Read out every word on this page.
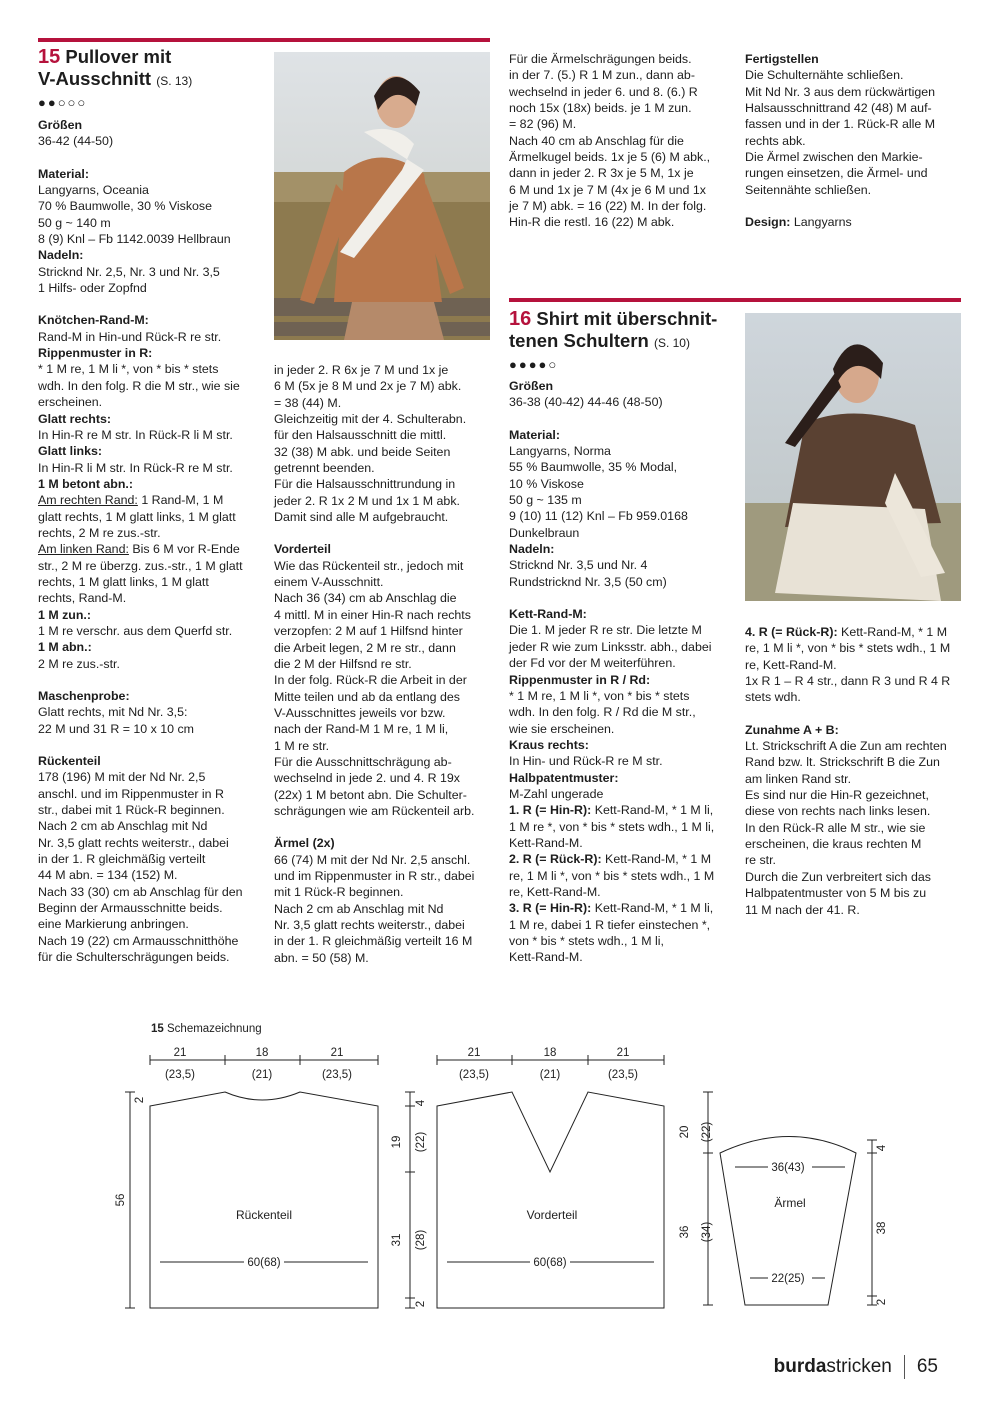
15 Pullover mit
V-Ausschnitt (S. 13)
●●○○○

Größen

36-42 (44-50)

Material:

Langyarns, Oceania

70 % Baumwolle, 30 % Viskose

50 g ~ 140 m

8 (9) Knl – Fb 1142.0039 Hellbraun

Nadeln:

Stricknd Nr. 2,5, Nr. 3 und Nr. 3,5

1 Hilfs- oder Zopfnd

Knötchen-Rand-M:

Rand-M in Hin-und Rück-R re str.

Rippenmuster in R:

* 1 M re, 1 M li *, von * bis * stets

wdh. In den folg. R die M str., wie sie

erscheinen.

Glatt rechts:

In Hin-R re M str. In Rück-R li M str.

Glatt links:

In Hin-R li M str. In Rück-R re M str.

1 M betont abn.:

Am rechten Rand: 1 Rand-M, 1 M

glatt rechts, 1 M glatt links, 1 M glatt

rechts, 2 M re zus.-str.

Am linken Rand: Bis 6 M vor R-Ende

str., 2 M re überzg. zus.-str., 1 M glatt

rechts, 1 M glatt links, 1 M glatt

rechts, Rand-M.

1 M zun.:

1 M re verschr. aus dem Querfd str.

1 M abn.:

2 M re zus.-str.

Maschenprobe:

Glatt rechts, mit Nd Nr. 3,5:

22 M und 31 R = 10 x 10 cm

Rückenteil

178 (196) M mit der Nd Nr. 2,5

anschl. und im Rippenmuster in R

str., dabei mit 1 Rück-R beginnen.

Nach 2 cm ab Anschlag mit Nd

Nr. 3,5 glatt rechts weiterstr., dabei

in der 1. R gleichmäßig verteilt

44 M abn. = 134 (152) M.

Nach 33 (30) cm ab Anschlag für den

Beginn der Armausschnitte beids.

eine Markierung anbringen.

Nach 19 (22) cm Armausschnitthöhe

für die Schulterschrägungen beids.

in jeder 2. R 6x je 7 M und 1x je

6 M (5x je 8 M und 2x je 7 M) abk.

= 38 (44) M.

Gleichzeitig mit der 4. Schulterabn.

für den Halsausschnitt die mittl.

32 (38) M abk. und beide Seiten

getrennt beenden.

Für die Halsausschnittrundung in

jeder 2. R 1x 2 M und 1x 1 M abk.

Damit sind alle M aufgebraucht.

Vorderteil

Wie das Rückenteil str., jedoch mit

einem V-Ausschnitt.

Nach 36 (34) cm ab Anschlag die

4 mittl. M in einer Hin-R nach rechts

verzopfen: 2 M auf 1 Hilfsnd hinter

die Arbeit legen, 2 M re str., dann

die 2 M der Hilfsnd re str.

In der folg. Rück-R die Arbeit in der

Mitte teilen und ab da entlang des

V-Ausschnittes jeweils vor bzw.

nach der Rand-M 1 M re, 1 M li,

1 M re str.

Für die Ausschnittschrägung ab-

wechselnd in jede 2. und 4. R 19x

(22x) 1 M betont abn. Die Schulter-

schrägungen wie am Rückenteil arb.

Ärmel (2x)

66 (74) M mit der Nd Nr. 2,5 anschl.

und im Rippenmuster in R str., dabei

mit 1 Rück-R beginnen.

Nach 2 cm ab Anschlag mit Nd

Nr. 3,5 glatt rechts weiterstr., dabei

in der 1. R gleichmäßig verteilt 16 M

abn. = 50 (58) M.

Für die Ärmelschrägungen beids.

in der 7. (5.) R 1 M zun., dann ab-

wechselnd in jeder 6. und 8. (6.) R

noch 15x (18x) beids. je 1 M zun.

= 82 (96) M.

Nach 40 cm ab Anschlag für die

Ärmelkugel beids. 1x je 5 (6) M abk.,

dann in jeder 2. R 3x je 5 M, 1x je

6 M und 1x je 7 M (4x je 6 M und 1x

je 7 M) abk. = 16 (22) M. In der folg.

Hin-R die restl. 16 (22) M abk.

Fertigstellen

Die Schulternähte schließen.

Mit Nd Nr. 3 aus dem rückwärtigen

Halsausschnittrand 42 (48) M auf-

fassen und in der 1. Rück-R alle M

rechts abk.

Die Ärmel zwischen den Markie-

rungen einsetzen, die Ärmel- und

Seitennähte schließen.

Design: Langyarns

16 Shirt mit überschnit-
tenen Schultern (S. 10)
●●●●○

Größen

36-38 (40-42) 44-46 (48-50)

Material:

Langyarns, Norma

55 % Baumwolle, 35 % Modal,

10 % Viskose

50 g ~ 135 m

9 (10) 11 (12) Knl – Fb 959.0168

Dunkelbraun

Nadeln:

Stricknd Nr. 3,5 und Nr. 4

Rundstricknd Nr. 3,5 (50 cm)

Kett-Rand-M:

Die 1. M jeder R re str. Die letzte M

jeder R wie zum Linksstr. abh., dabei

der Fd vor der M weiterführen.

Rippenmuster in R / Rd:

* 1 M re, 1 M li *, von * bis * stets

wdh. In den folg. R / Rd die M str.,

wie sie erscheinen.

Kraus rechts:

In Hin- und Rück-R re M str.

Halbpatentmuster:

M-Zahl ungerade

1. R (= Hin-R): Kett-Rand-M, * 1 M li,

1 M re *, von * bis * stets wdh., 1 M li,

Kett-Rand-M.

2. R (= Rück-R): Kett-Rand-M, * 1 M

re, 1 M li *, von * bis * stets wdh., 1 M

re, Kett-Rand-M.

3. R (= Hin-R): Kett-Rand-M, * 1 M li,

1 M re, dabei 1 R tiefer einstechen *,

von * bis * stets wdh., 1 M li,

Kett-Rand-M.

4. R (= Rück-R): Kett-Rand-M, * 1 M

re, 1 M li *, von * bis * stets wdh., 1 M

re, Kett-Rand-M.

1x R 1 – R 4 str., dann R 3 und R 4 R

stets wdh.

Zunahme A + B:

Lt. Strickschrift A die Zun am rechten

Rand bzw. lt. Strickschrift B die Zun

am linken Rand str.

Es sind nur die Hin-R gezeichnet,

diese von rechts nach links lesen.

In den Rück-R alle M str., wie sie

erscheinen, die kraus rechten M

re str.

Durch die Zun verbreitert sich das

Halbpatentmuster von 5 M bis zu

11 M nach der 41. R.

15 Schemazeichnung
21
(23,5)
18
(21)
21
(23,5)
56
2
Rückenteil
60(68)
21
(23,5)
18
(21)
21
(23,5)
4
19 (22)
31 (28)
2
Vorderteil
60(68)
36(43)
Ärmel
22(25)
20 (22)
36 (34)
4
38
2
burdastricken 65
